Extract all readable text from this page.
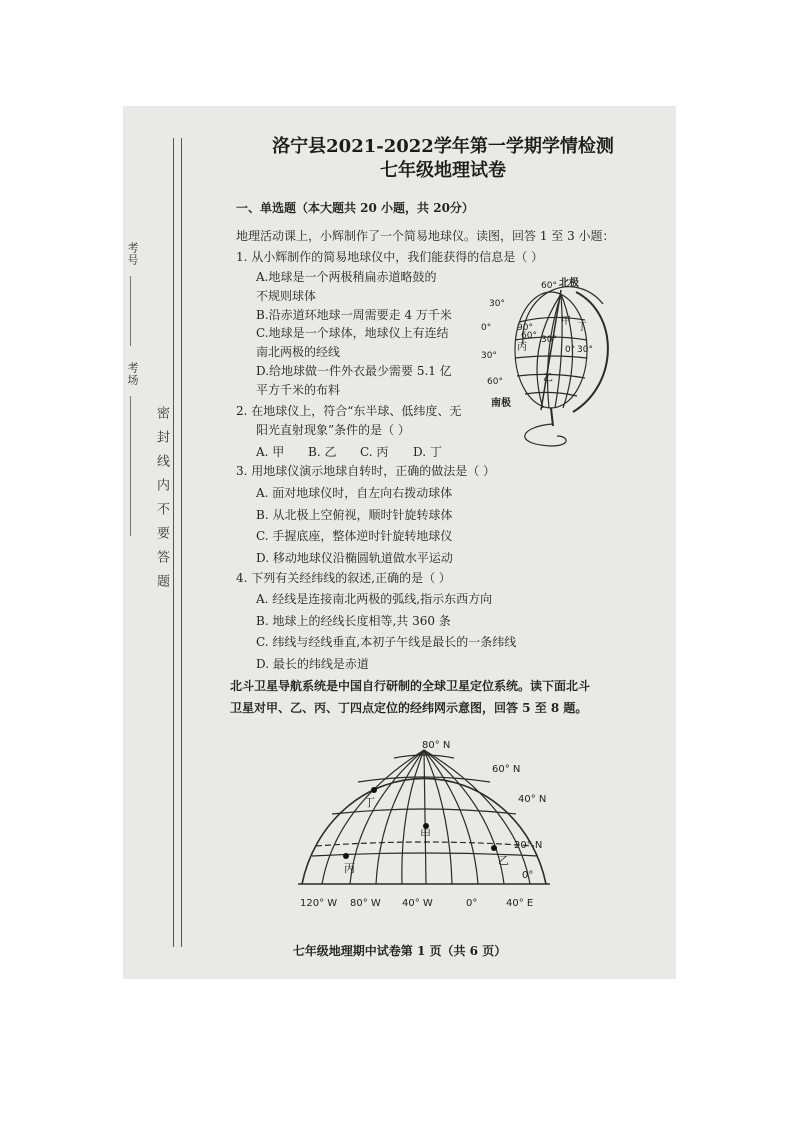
考号
考场
密封线内不要答题
洛宁县2021-2022学年第一学期学情检测
七年级地理试卷
一、单选题（本大题共 20 小题，共 20分）
地理活动课上，小辉制作了一个简易地球仪。读图，回答 1 至 3 小题：
1. 从小辉制作的简易地球仪中，我们能获得的信息是（ ）
A.地球是一个两极稍扁赤道略鼓的
不规则球体
B.沿赤道环地球一周需要走 4 万千米
C.地球是一个球体，地球仪上有连结
南北两极的经线
D.给地球做一件外衣最少需要 5.1 亿
平方千米的布料
2. 在地球仪上，符合“东半球、低纬度、无
阳光直射现象”条件的是（ ）
A. 甲 B. 乙 C. 丙 D. 丁
3. 用地球仪演示地球自转时，正确的做法是（ ）
A. 面对地球仪时，自左向右拨动球体
B. 从北极上空俯视，顺时针旋转球体
C. 手握底座，整体逆时针旋转地球仪
D. 移动地球仪沿椭圆轨道做水平运动
4. 下列有关经纬线的叙述,正确的是（ ）
A. 经线是连接南北两极的弧线,指示东西方向
B. 地球上的经线长度相等,共 360 条
C. 纬线与经线垂直,本初子午线是最长的一条纬线
D. 最长的纬线是赤道
北斗卫星导航系统是中国自行研制的全球卫星定位系统。读下面北斗
卫星对甲、乙、丙、丁四点定位的经纬网示意图，回答 5 至 8 题。
60°
30°
0°
30°
60°
北极
南极
90°
60° 30°
0° 30°
甲
乙
丙
丁
80° N
60° N
40° N
20° N
0°
120° W 80° W 40° W	0°	40° E
甲
乙
丙
丁
七年级地理期中试卷第 1 页（共 6 页）
